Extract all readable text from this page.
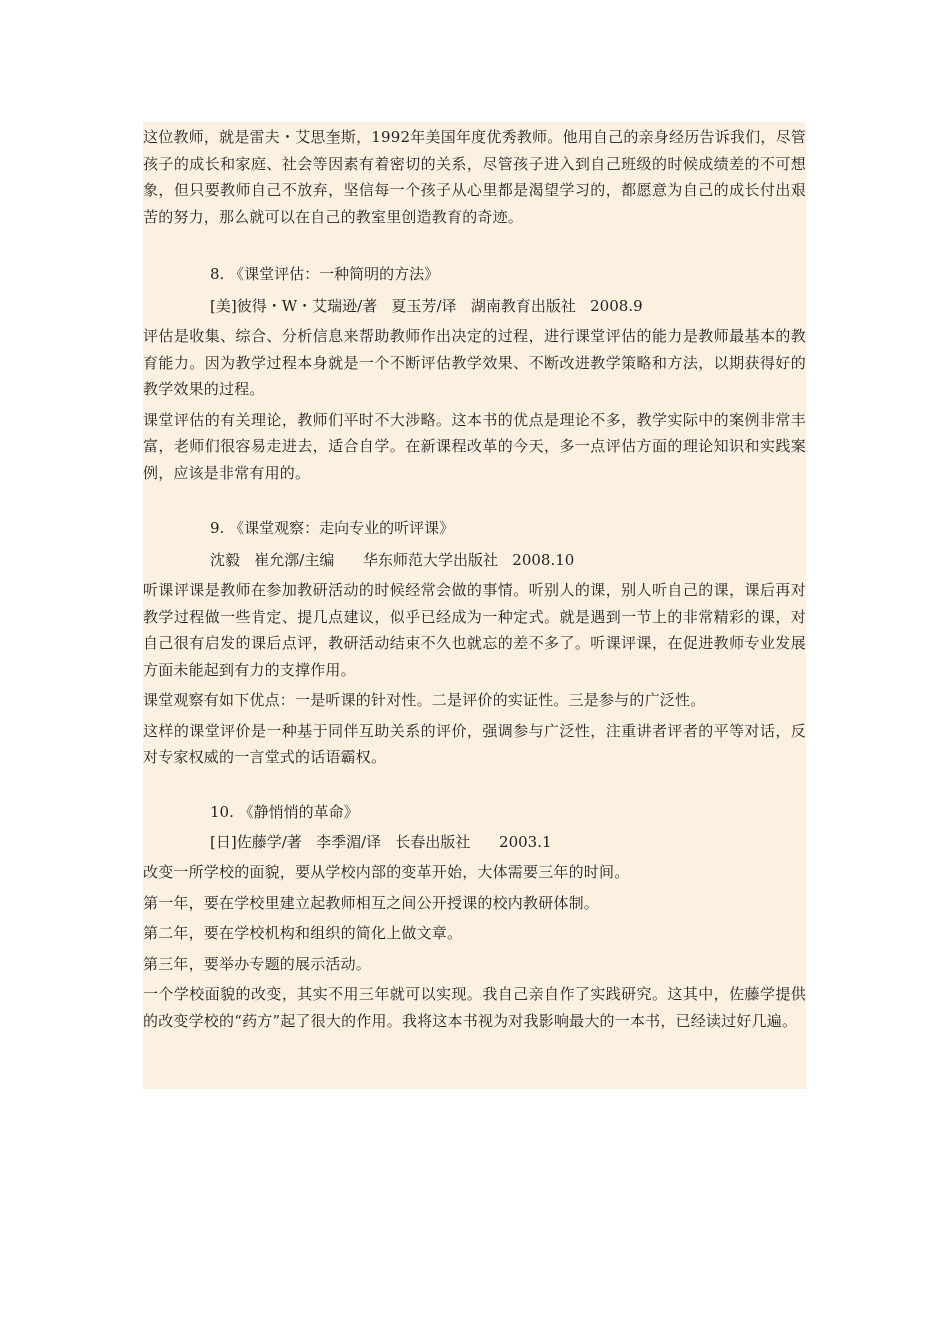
这位教师，就是雷夫・艾思奎斯，1992年美国年度优秀教师。他用自己的亲身经历告诉我们，尽管孩子的成长和家庭、社会等因素有着密切的关系，尽管孩子进入到自己班级的时候成绩差的不可想象，但只要教师自己不放弃，坚信每一个孩子从心里都是渴望学习的，都愿意为自己的成长付出艰苦的努力，那么就可以在自己的教室里创造教育的奇迹。

8. 《课堂评估：一种简明的方法》
[美]彼得・W・艾瑞逊/著   夏玉芳/译   湖南教育出版社   2008.9

评估是收集、综合、分析信息来帮助教师作出决定的过程，进行课堂评估的能力是教师最基本的教育能力。因为教学过程本身就是一个不断评估教学效果、不断改进教学策略和方法，以期获得好的教学效果的过程。

课堂评估的有关理论，教师们平时不大涉略。这本书的优点是理论不多，教学实际中的案例非常丰富，老师们很容易走进去，适合自学。在新课程改革的今天，多一点评估方面的理论知识和实践案例，应该是非常有用的。

9. 《课堂观察：走向专业的听评课》
沈毅   崔允漷/主编      华东师范大学出版社   2008.10

听课评课是教师在参加教研活动的时候经常会做的事情。听别人的课，别人听自己的课，课后再对教学过程做一些肯定、提几点建议，似乎已经成为一种定式。就是遇到一节上的非常精彩的课，对自己很有启发的课后点评，教研活动结束不久也就忘的差不多了。听课评课，在促进教师专业发展方面未能起到有力的支撑作用。

课堂观察有如下优点：一是听课的针对性。二是评价的实证性。三是参与的广泛性。

这样的课堂评价是一种基于同伴互助关系的评价，强调参与广泛性，注重讲者评者的平等对话，反对专家权威的一言堂式的话语霸权。

10. 《静悄悄的革命》
[日]佐藤学/著   李季湄/译   长春出版社      2003.1

改变一所学校的面貌，要从学校内部的变革开始，大体需要三年的时间。

第一年，要在学校里建立起教师相互之间公开授课的校内教研体制。

第二年，要在学校机构和组织的简化上做文章。

第三年，要举办专题的展示活动。

一个学校面貌的改变，其实不用三年就可以实现。我自己亲自作了实践研究。这其中，佐藤学提供的改变学校的“药方”起了很大的作用。我将这本书视为对我影响最大的一本书，已经读过好几遍。
